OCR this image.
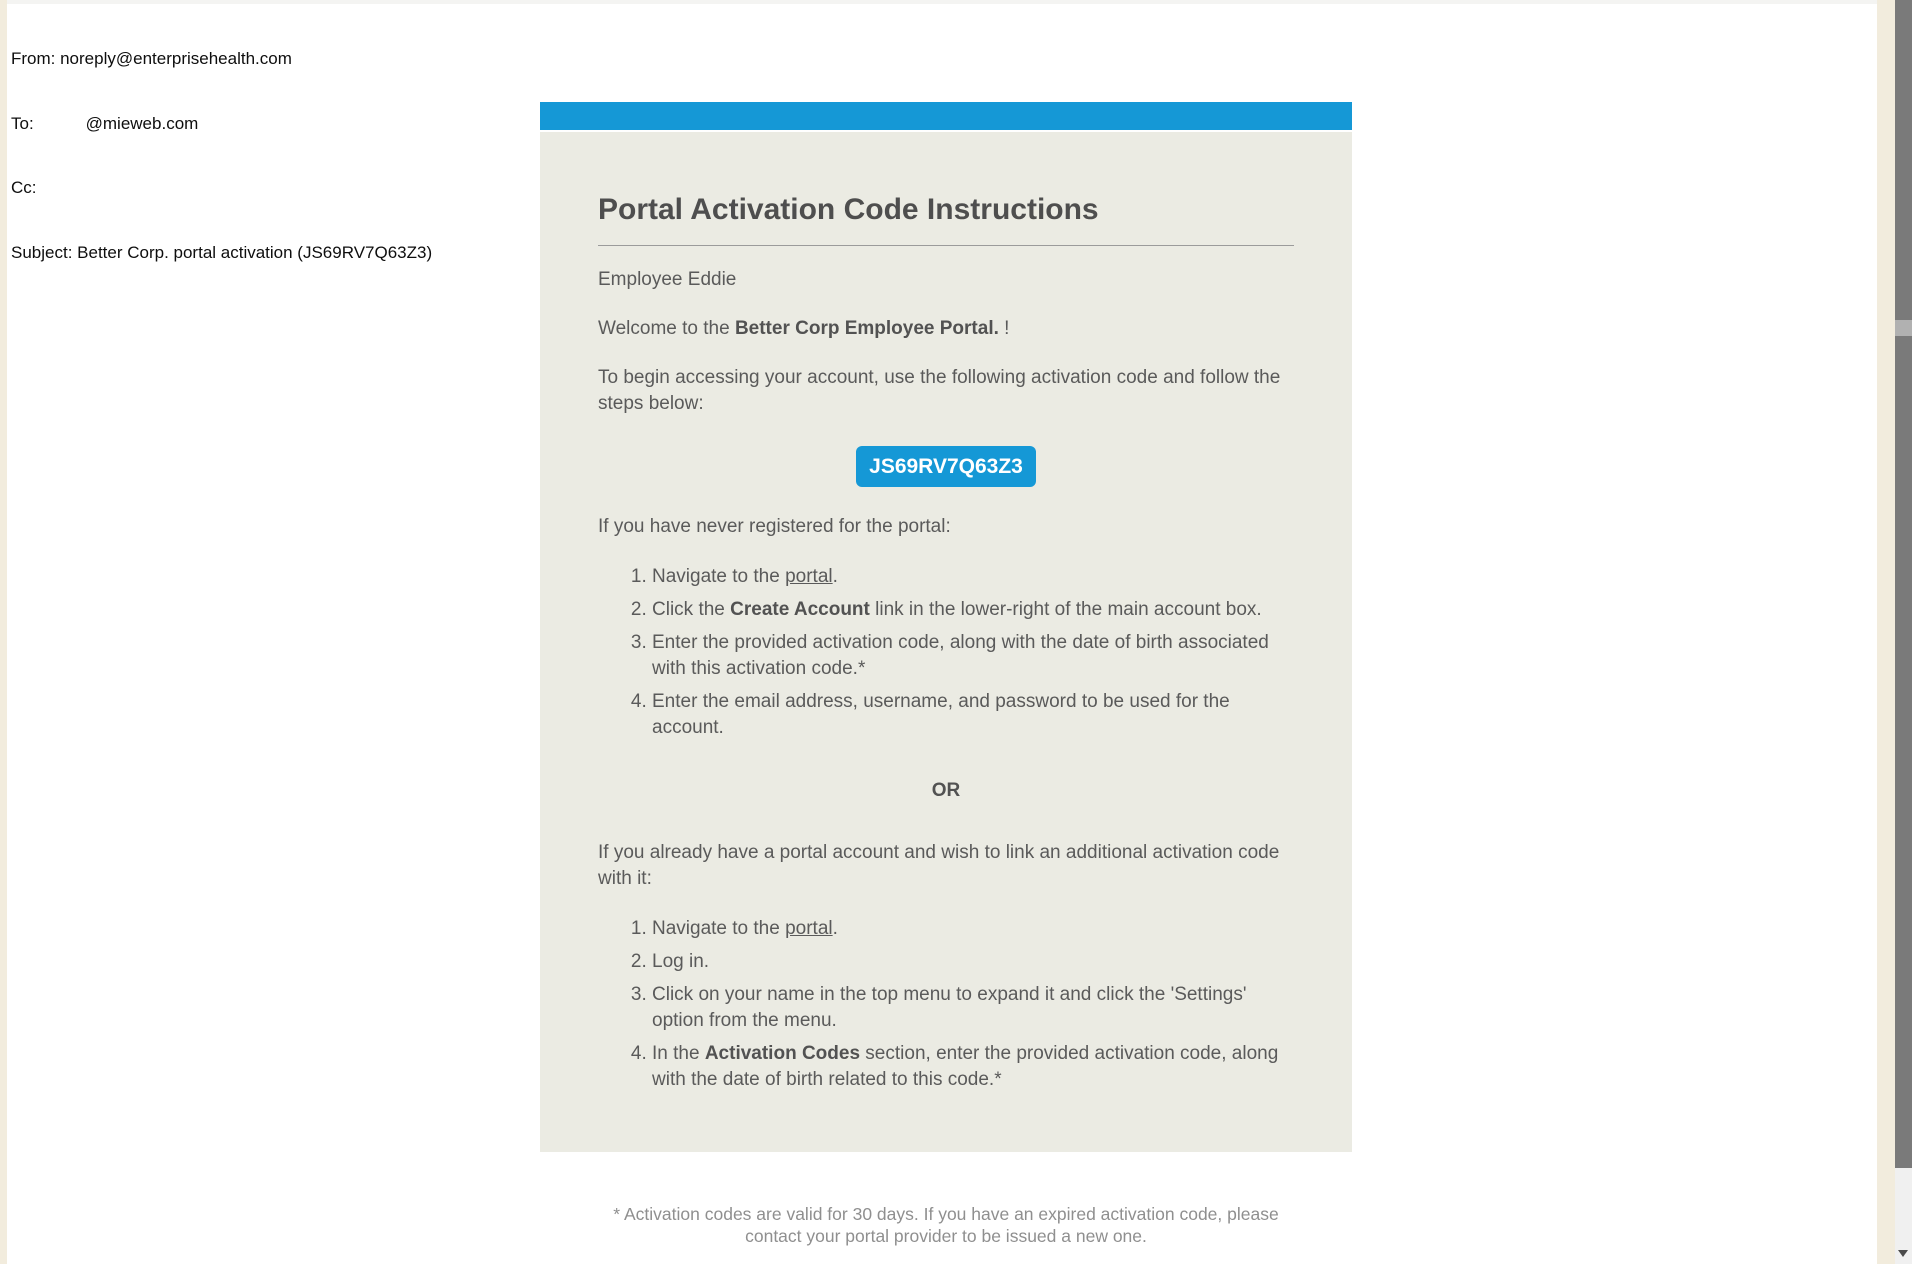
From: noreply@enterprisehealth.com

To:           @mieweb.com

Cc:

Subject: Better Corp. portal activation (JS69RV7Q63Z3)

Portal Activation Code Instructions
Employee Eddie
Welcome to the Better Corp Employee Portal. !
To begin accessing your account, use the following activation code and follow the steps below:
JS69RV7Q63Z3
If you have never registered for the portal:
1. Navigate to the portal.
2. Click the Create Account link in the lower-right of the main account box.
3. Enter the provided activation code, along with the date of birth associated with this activation code.*
4. Enter the email address, username, and password to be used for the account.
OR
If you already have a portal account and wish to link an additional activation code with it:
1. Navigate to the portal.
2. Log in.
3. Click on your name in the top menu to expand it and click the 'Settings' option from the menu.
4. In the Activation Codes section, enter the provided activation code, along with the date of birth related to this code.*
* Activation codes are valid for 30 days. If you have an expired activation code, please
contact your portal provider to be issued a new one.
